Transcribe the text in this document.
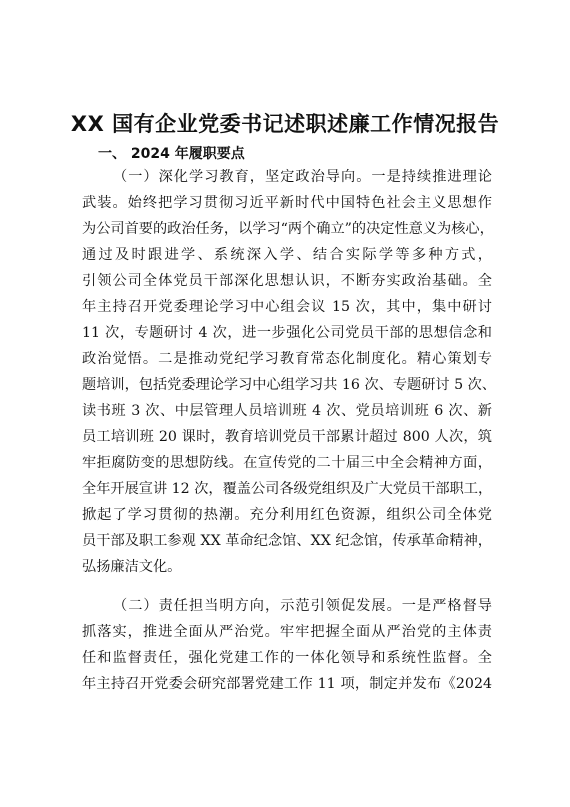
XX 国有企业党委书记述职述廉工作情况报告
一、 2024 年履职要点
（一）深化学习教育，坚定政治导向。一是持续推进理论
武装。始终把学习贯彻习近平新时代中国特色社会主义思想作
为公司首要的政治任务，以学习“两个确立”的决定性意义为核心，
通过及时跟进学、系统深入学、结合实际学等多种方式，
引领公司全体党员干部深化思想认识，不断夯实政治基础。全
年主持召开党委理论学习中心组会议 15 次，其中，集中研讨
11 次，专题研讨 4 次，进一步强化公司党员干部的思想信念和
政治觉悟。二是推动党纪学习教育常态化制度化。精心策划专
题培训，包括党委理论学习中心组学习共 16 次、专题研讨 5 次、
读书班 3 次、中层管理人员培训班 4 次、党员培训班 6 次、新
员工培训班 20 课时，教育培训党员干部累计超过 800 人次，筑
牢拒腐防变的思想防线。在宣传党的二十届三中全会精神方面，
全年开展宣讲 12 次，覆盖公司各级党组织及广大党员干部职工，
掀起了学习贯彻的热潮。充分利用红色资源，组织公司全体党
员干部及职工参观 XX 革命纪念馆、XX 纪念馆，传承革命精神，
弘扬廉洁文化。
（二）责任担当明方向，示范引领促发展。一是严格督导
抓落实，推进全面从严治党。牢牢把握全面从严治党的主体责
任和监督责任，强化党建工作的一体化领导和系统性监督。全
年主持召开党委会研究部署党建工作 11 项，制定并发布《2024
